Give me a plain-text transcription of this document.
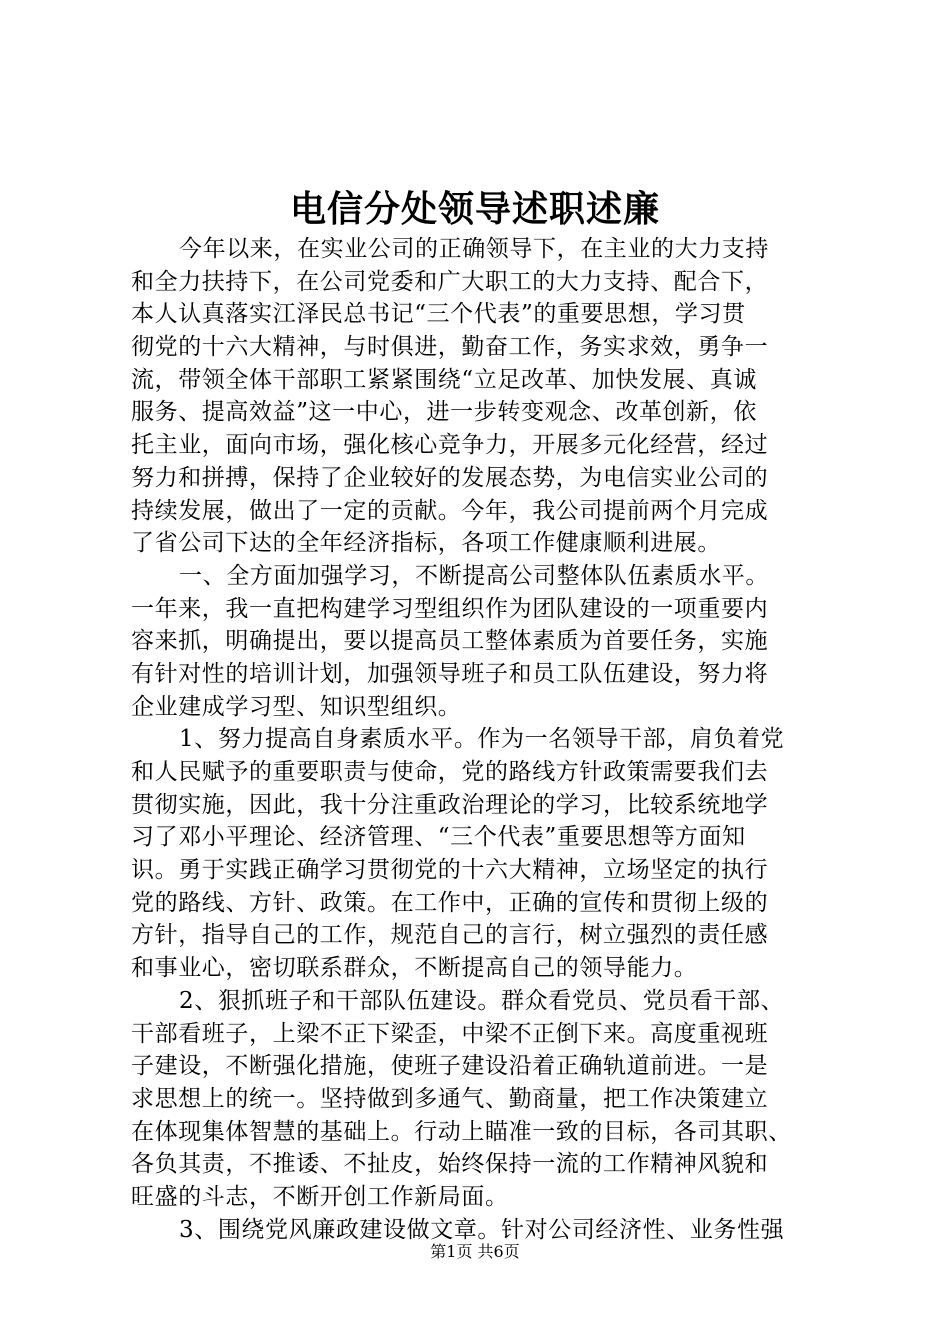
电信分处领导述职述廉
今年以来，在实业公司的正确领导下，在主业的大力支持
和全力扶持下，在公司党委和广大职工的大力支持、配合下，
本人认真落实江泽民总书记“三个代表”的重要思想，学习贯
彻党的十六大精神，与时俱进，勤奋工作，务实求效，勇争一
流，带领全体干部职工紧紧围绕“立足改革、加快发展、真诚
服务、提高效益”这一中心，进一步转变观念、改革创新，依
托主业，面向市场，强化核心竞争力，开展多元化经营，经过
努力和拼搏，保持了企业较好的发展态势，为电信实业公司的
持续发展，做出了一定的贡献。今年，我公司提前两个月完成
了省公司下达的全年经济指标，各项工作健康顺利进展。
一、全方面加强学习，不断提高公司整体队伍素质水平。
一年来，我一直把构建学习型组织作为团队建设的一项重要内
容来抓，明确提出，要以提高员工整体素质为首要任务，实施
有针对性的培训计划，加强领导班子和员工队伍建设，努力将
企业建成学习型、知识型组织。
1、努力提高自身素质水平。作为一名领导干部，肩负着党
和人民赋予的重要职责与使命，党的路线方针政策需要我们去
贯彻实施，因此，我十分注重政治理论的学习，比较系统地学
习了邓小平理论、经济管理、“三个代表”重要思想等方面知
识。勇于实践正确学习贯彻党的十六大精神，立场坚定的执行
党的路线、方针、政策。在工作中，正确的宣传和贯彻上级的
方针，指导自己的工作，规范自己的言行，树立强烈的责任感
和事业心，密切联系群众，不断提高自己的领导能力。
2、狠抓班子和干部队伍建设。群众看党员、党员看干部、
干部看班子，上梁不正下梁歪，中梁不正倒下来。高度重视班
子建设，不断强化措施，使班子建设沿着正确轨道前进。一是
求思想上的统一。坚持做到多通气、勤商量，把工作决策建立
在体现集体智慧的基础上。行动上瞄准一致的目标，各司其职、
各负其责，不推诿、不扯皮，始终保持一流的工作精神风貌和
旺盛的斗志，不断开创工作新局面。
3、围绕党风廉政建设做文章。针对公司经济性、业务性强
第1页 共6页
